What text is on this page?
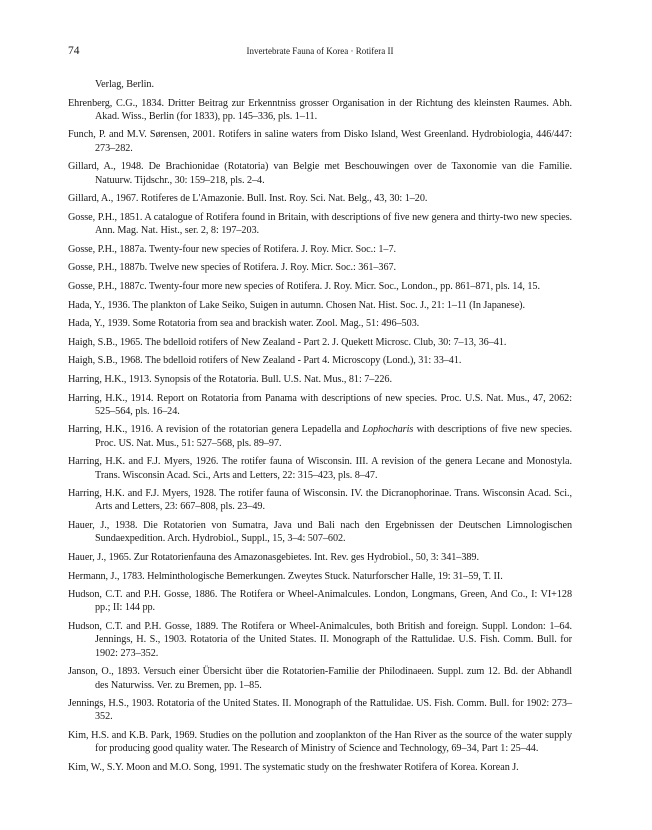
74	Invertebrate Fauna of Korea · Rotifera II
Verlag, Berlin.
Ehrenberg, C.G., 1834. Dritter Beitrag zur Erkenntniss grosser Organisation in der Richtung des kleinsten Raumes. Abh. Akad. Wiss., Berlin (for 1833), pp. 145–336, pls. 1–11.
Funch, P. and M.V. Sørensen, 2001. Rotifers in saline waters from Disko Island, West Greenland. Hydrobiologia, 446/447: 273–282.
Gillard, A., 1948. De Brachionidae (Rotatoria) van Belgie met Beschouwingen over de Taxonomie van die Familie. Natuurw. Tijdschr., 30: 159–218, pls. 2–4.
Gillard, A., 1967. Rotiferes de L'Amazonie. Bull. Inst. Roy. Sci. Nat. Belg., 43, 30: 1–20.
Gosse, P.H., 1851. A catalogue of Rotifera found in Britain, with descriptions of five new genera and thirty-two new species. Ann. Mag. Nat. Hist., ser. 2, 8: 197–203.
Gosse, P.H., 1887a. Twenty-four new species of Rotifera. J. Roy. Micr. Soc.: 1–7.
Gosse, P.H., 1887b. Twelve new species of Rotifera. J. Roy. Micr. Soc.: 361–367.
Gosse, P.H., 1887c. Twenty-four more new species of Rotifera. J. Roy. Micr. Soc., London., pp. 861–871, pls. 14, 15.
Hada, Y., 1936. The plankton of Lake Seiko, Suigen in autumn. Chosen Nat. Hist. Soc. J., 21: 1–11 (In Japanese).
Hada, Y., 1939. Some Rotatoria from sea and brackish water. Zool. Mag., 51: 496–503.
Haigh, S.B., 1965. The bdelloid rotifers of New Zealand - Part 2. J. Quekett Microsc. Club, 30: 7–13, 36–41.
Haigh, S.B., 1968. The bdelloid rotifers of New Zealand - Part 4. Microscopy (Lond.), 31: 33–41.
Harring, H.K., 1913. Synopsis of the Rotatoria. Bull. U.S. Nat. Mus., 81: 7–226.
Harring, H.K., 1914. Report on Rotatoria from Panama with descriptions of new species. Proc. U.S. Nat. Mus., 47, 2062: 525–564, pls. 16–24.
Harring, H.K., 1916. A revision of the rotatorian genera Lepadella and Lophocharis with descriptions of five new species. Proc. US. Nat. Mus., 51: 527–568, pls. 89–97.
Harring, H.K. and F.J. Myers, 1926. The rotifer fauna of Wisconsin. III. A revision of the genera Lecane and Monostyla. Trans. Wisconsin Acad. Sci., Arts and Letters, 22: 315–423, pls. 8–47.
Harring, H.K. and F.J. Myers, 1928. The rotifer fauna of Wisconsin. IV. the Dicranophorinae. Trans. Wisconsin Acad. Sci., Arts and Letters, 23: 667–808, pls. 23–49.
Hauer, J., 1938. Die Rotatorien von Sumatra, Java und Bali nach den Ergebnissen der Deutschen Limnologischen Sundaexpedition. Arch. Hydrobiol., Suppl., 15, 3–4: 507–602.
Hauer, J., 1965. Zur Rotatorienfauna des Amazonasgebietes. Int. Rev. ges Hydrobiol., 50, 3: 341–389.
Hermann, J., 1783. Helminthologische Bemerkungen. Zweytes Stuck. Naturforscher Halle, 19: 31–59, T. II.
Hudson, C.T. and P.H. Gosse, 1886. The Rotifera or Wheel-Animalcules. London, Longmans, Green, And Co., I: VI+128 pp.; II: 144 pp.
Hudson, C.T. and P.H. Gosse, 1889. The Rotifera or Wheel-Animalcules, both British and foreign. Suppl. London: 1–64. Jennings, H. S., 1903. Rotatoria of the United States. II. Monograph of the Rattulidae. U.S. Fish. Comm. Bull. for 1902: 273–352.
Janson, O., 1893. Versuch einer Übersicht über die Rotatorien-Familie der Philodinaeen. Suppl. zum 12. Bd. der Abhandl des Naturwiss. Ver. zu Bremen, pp. 1–85.
Jennings, H.S., 1903. Rotatoria of the United States. II. Monograph of the Rattulidae. US. Fish. Comm. Bull. for 1902: 273–352.
Kim, H.S. and K.B. Park, 1969. Studies on the pollution and zooplankton of the Han River as the source of the water supply for producing good quality water. The Research of Ministry of Science and Technology, 69–34, Part 1: 25–44.
Kim, W., S.Y. Moon and M.O. Song, 1991. The systematic study on the freshwater Rotifera of Korea. Korean J.
